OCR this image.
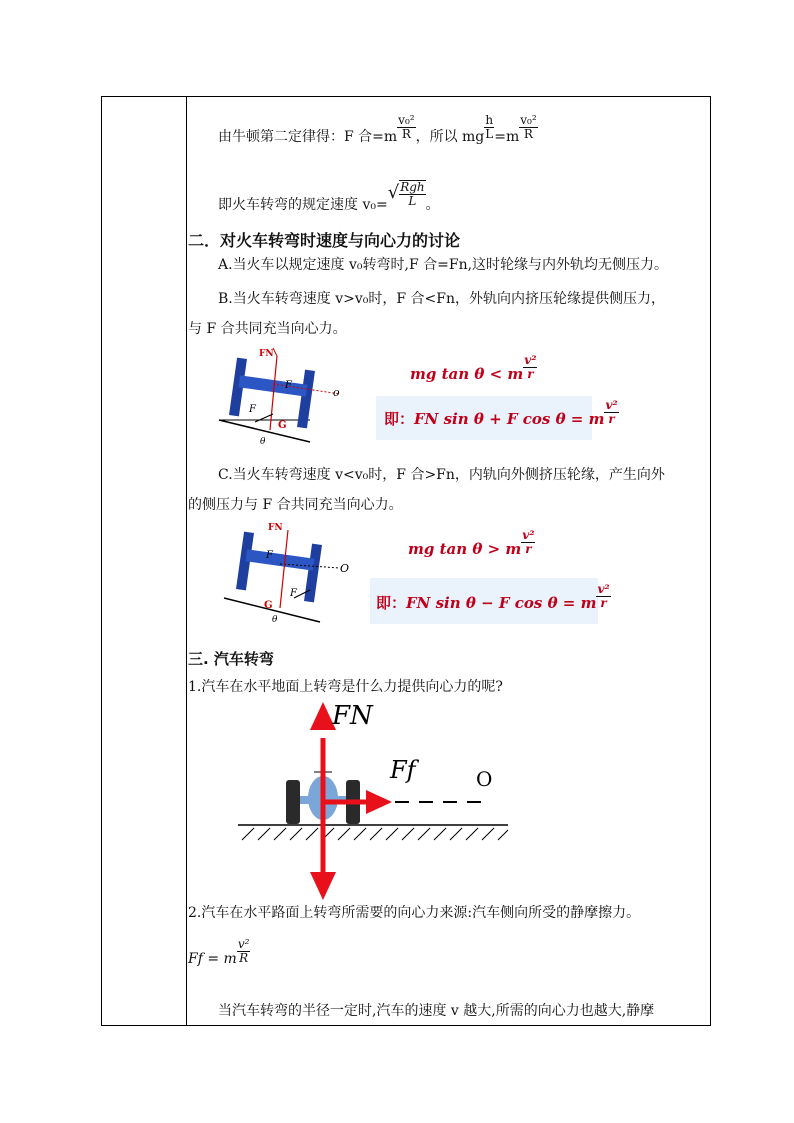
由牛顿第二定律得：F 合$=m \frac{\text{v₀²}}{R}$ ，所以 mg $\frac{h}{L} =m \frac{\text{v₀²}}{R}$
即火车转弯的规定速度 $v_0=√ \frac{\text{Rgh}}{L}$ 。
二．对火车转弯时速度与向心力的讨论
A.当火车以规定速度 v₀转弯时,F 合=Fn,这时轮缘与内外轨均无侧压力。
B.当火车转弯速度 v>v₀时，F 合<Fn，外轨向内挤压轮缘提供侧压力，
与 F 合共同充当向心力。
FN
F
F
G
θ
o
mg tan θ < m $\frac{\text{v²}}{r}$
即：FN sin θ + F cos θ = m $\frac{\text{v²}}{r}$
C.当火车转弯速度 v<v₀时，F 合>Fn，内轨向外侧挤压轮缘，产生向外
的侧压力与 F 合共同充当向心力。
FN
F
F
G
θ
O
mg tan θ > m $\frac{\text{v²}}{r}$
即：FN sin θ − F cos θ = m $\frac{\text{v²}}{r}$
三. 汽车转弯
1.汽车在水平地面上转弯是什么力提供向心力的呢?
FN
Ff	O
2.汽车在水平路面上转弯所需要的向心力来源:汽车侧向所受的静摩擦力。
Ff = m $\frac{\text{v²}}{R}$
当汽车转弯的半径一定时,汽车的速度 v 越大,所需的向心力也越大,静摩
